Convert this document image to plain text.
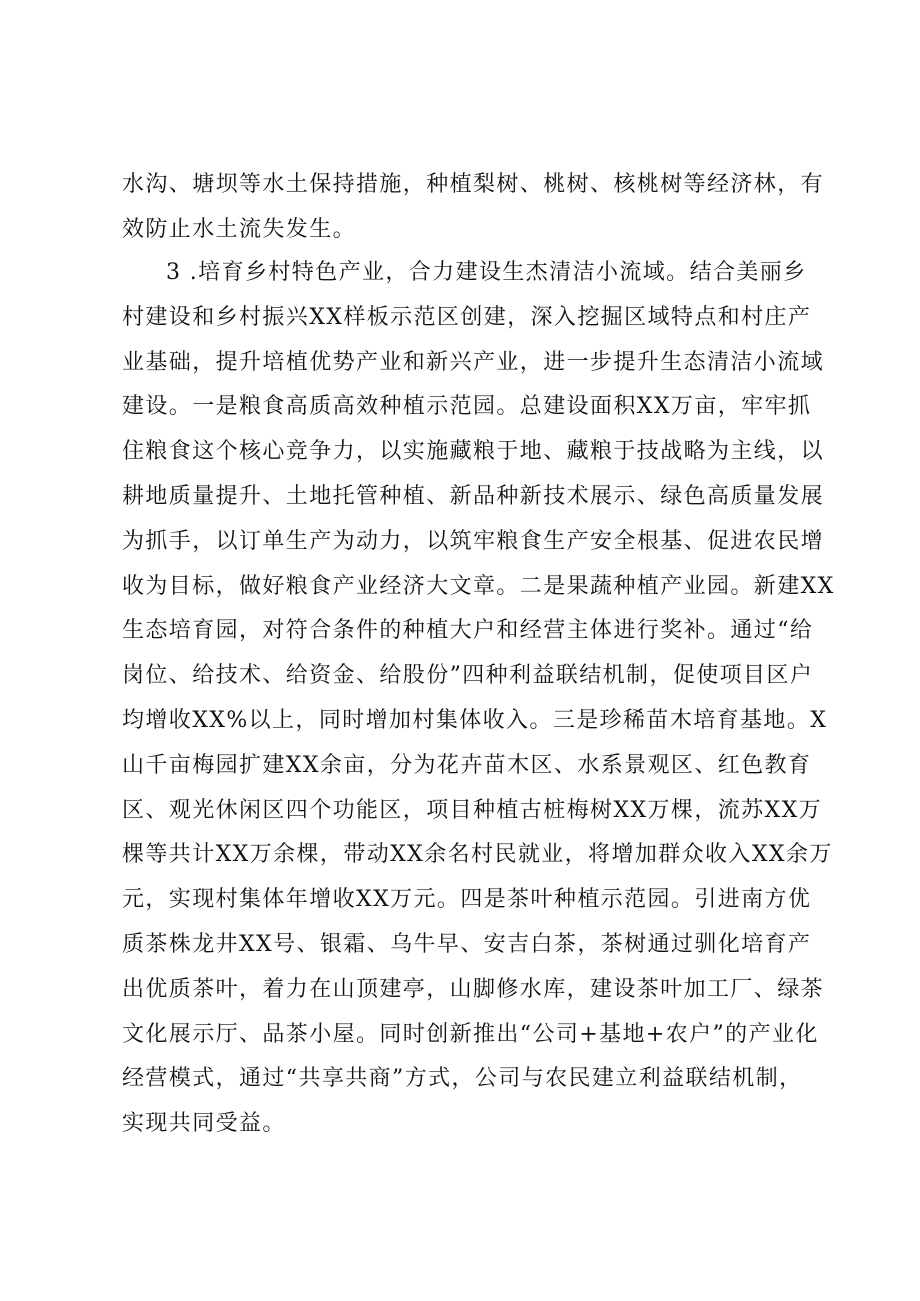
水沟、塘坝等水土保持措施，种植梨树、桃树、核桃树等经济林，有
效防止水土流失发生。
3 .培育乡村特色产业，合力建设生杰清洁小流域。结合美丽乡
村建设和乡村振兴XX样板示范区创建，深入挖掘区域特点和村庄产
业基础，提升培植优势产业和新兴产业，进一步提升生态清洁小流域
建设。一是粮食高质高效种植示范园。总建设面积XX万亩，牢牢抓
住粮食这个核心竞争力，以实施藏粮于地、藏粮于技战略为主线，以
耕地质量提升、土地托管种植、新品种新技术展示、绿色高质量发展
为抓手，以订单生产为动力，以筑牢粮食生产安全根基、促进农民增
收为目标，做好粮食产业经济大文章。二是果蔬种植产业园。新建XX
生态培育园，对符合条件的种植大户和经营主体进行奖补。通过“给
岗位、给技术、给资金、给股份”四种利益联结机制，促使项目区户
均增收XX%以上，同时增加村集体收入。三是珍稀苗木培育基地。X
山千亩梅园扩建XX余亩，分为花卉苗木区、水系景观区、红色教育
区、观光休闲区四个功能区，项目种植古桩梅树XX万棵，流苏XX万
棵等共计XX万余棵，带动XX余名村民就业，将增加群众收入XX余万
元，实现村集体年增收XX万元。四是茶叶种植示范园。引进南方优
质茶株龙井XX号、银霜、乌牛早、安吉白茶，茶树通过驯化培育产
出优质茶叶，着力在山顶建亭，山脚修水库，建设茶叶加工厂、绿茶
文化展示厅、品茶小屋。同时创新推出“公司+基地+农户”的产业化
经营模式，通过“共享共商”方式，公司与农民建立利益联结机制，
实现共同受益。
